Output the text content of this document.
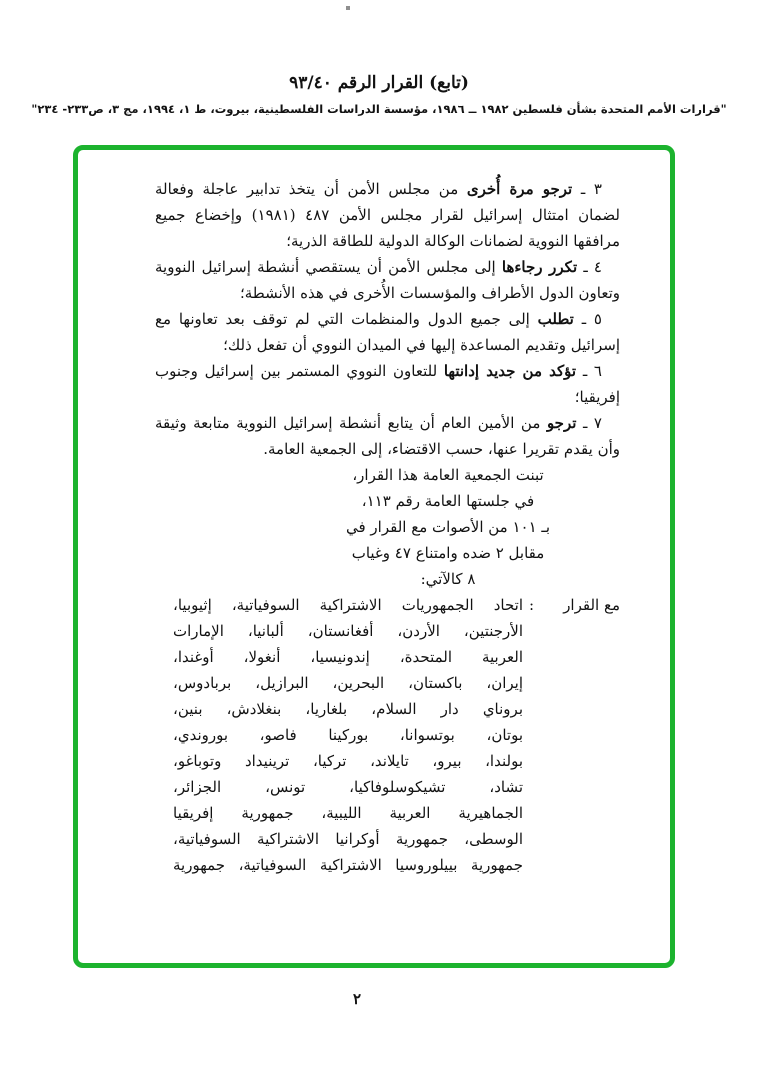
(تابع) القرار الرقم ٩٣/٤٠
"قرارات الأمم المتحدة بشأن فلسطين ١٩٨٢ ــ ١٩٨٦، مؤسسة الدراسات الفلسطينية، بيروت، ط ١، ١٩٩٤، مج ٣، ص٢٣٣- ٢٣٤"

٣ ـ ترجو مرة أُخرى من مجلس الأمن أن يتخذ تدابير عاجلة وفعالة لضمان امتثال إسرائيل لقرار مجلس الأمن ٤٨٧ (١٩٨١) وإخضاع جميع مرافقها النووية لضمانات الوكالة الدولية للطاقة الذرية؛

٤ ـ تكرر رجاءها إلى مجلس الأمن أن يستقصي أنشطة إسرائيل النووية وتعاون الدول الأطراف والمؤسسات الأُخرى في هذه الأنشطة؛

٥ ـ تطلب إلى جميع الدول والمنظمات التي لم توقف بعد تعاونها مع إسرائيل وتقديم المساعدة إليها في الميدان النووي أن تفعل ذلك؛

٦ ـ تؤكد من جديد إدانتها للتعاون النووي المستمر بين إسرائيل وجنوب إفريقيا؛

٧ ـ ترجو من الأمين العام أن يتابع أنشطة إسرائيل النووية متابعة وثيقة وأن يقدم تقريرا عنها، حسب الاقتضاء، إلى الجمعية العامة.

تبنت الجمعية العامة هذا القرار،
في جلستها العامة رقم ١١٣،
بـ ١٠١ من الأصوات مع القرار في
مقابل ٢ ضده وامتناع ٤٧ وغياب
٨ كالآتي:
مع القرار
:
اتحاد الجمهوريات الاشتراكية السوفياتية، إثيوبيا،
الأرجنتين، الأردن، أفغانستان، ألبانيا، الإمارات
العربية المتحدة، إندونيسيا، أنغولا، أوغندا،
إيران، باكستان، البحرين، البرازيل، بربادوس،
بروناي دار السلام، بلغاريا، بنغلادش، بنين،
بوتان، بوتسوانا، بوركينا فاصو، بوروندي،
بولندا، بيرو، تايلاند، تركيا، ترينيداد وتوباغو،
تشاد، تشيكوسلوفاكيا، تونس، الجزائر،
الجماهيرية العربية الليبية، جمهورية إفريقيا
الوسطى، جمهورية أوكرانيا الاشتراكية السوفياتية،
جمهورية بييلوروسيا الاشتراكية السوفياتية، جمهورية
٢
